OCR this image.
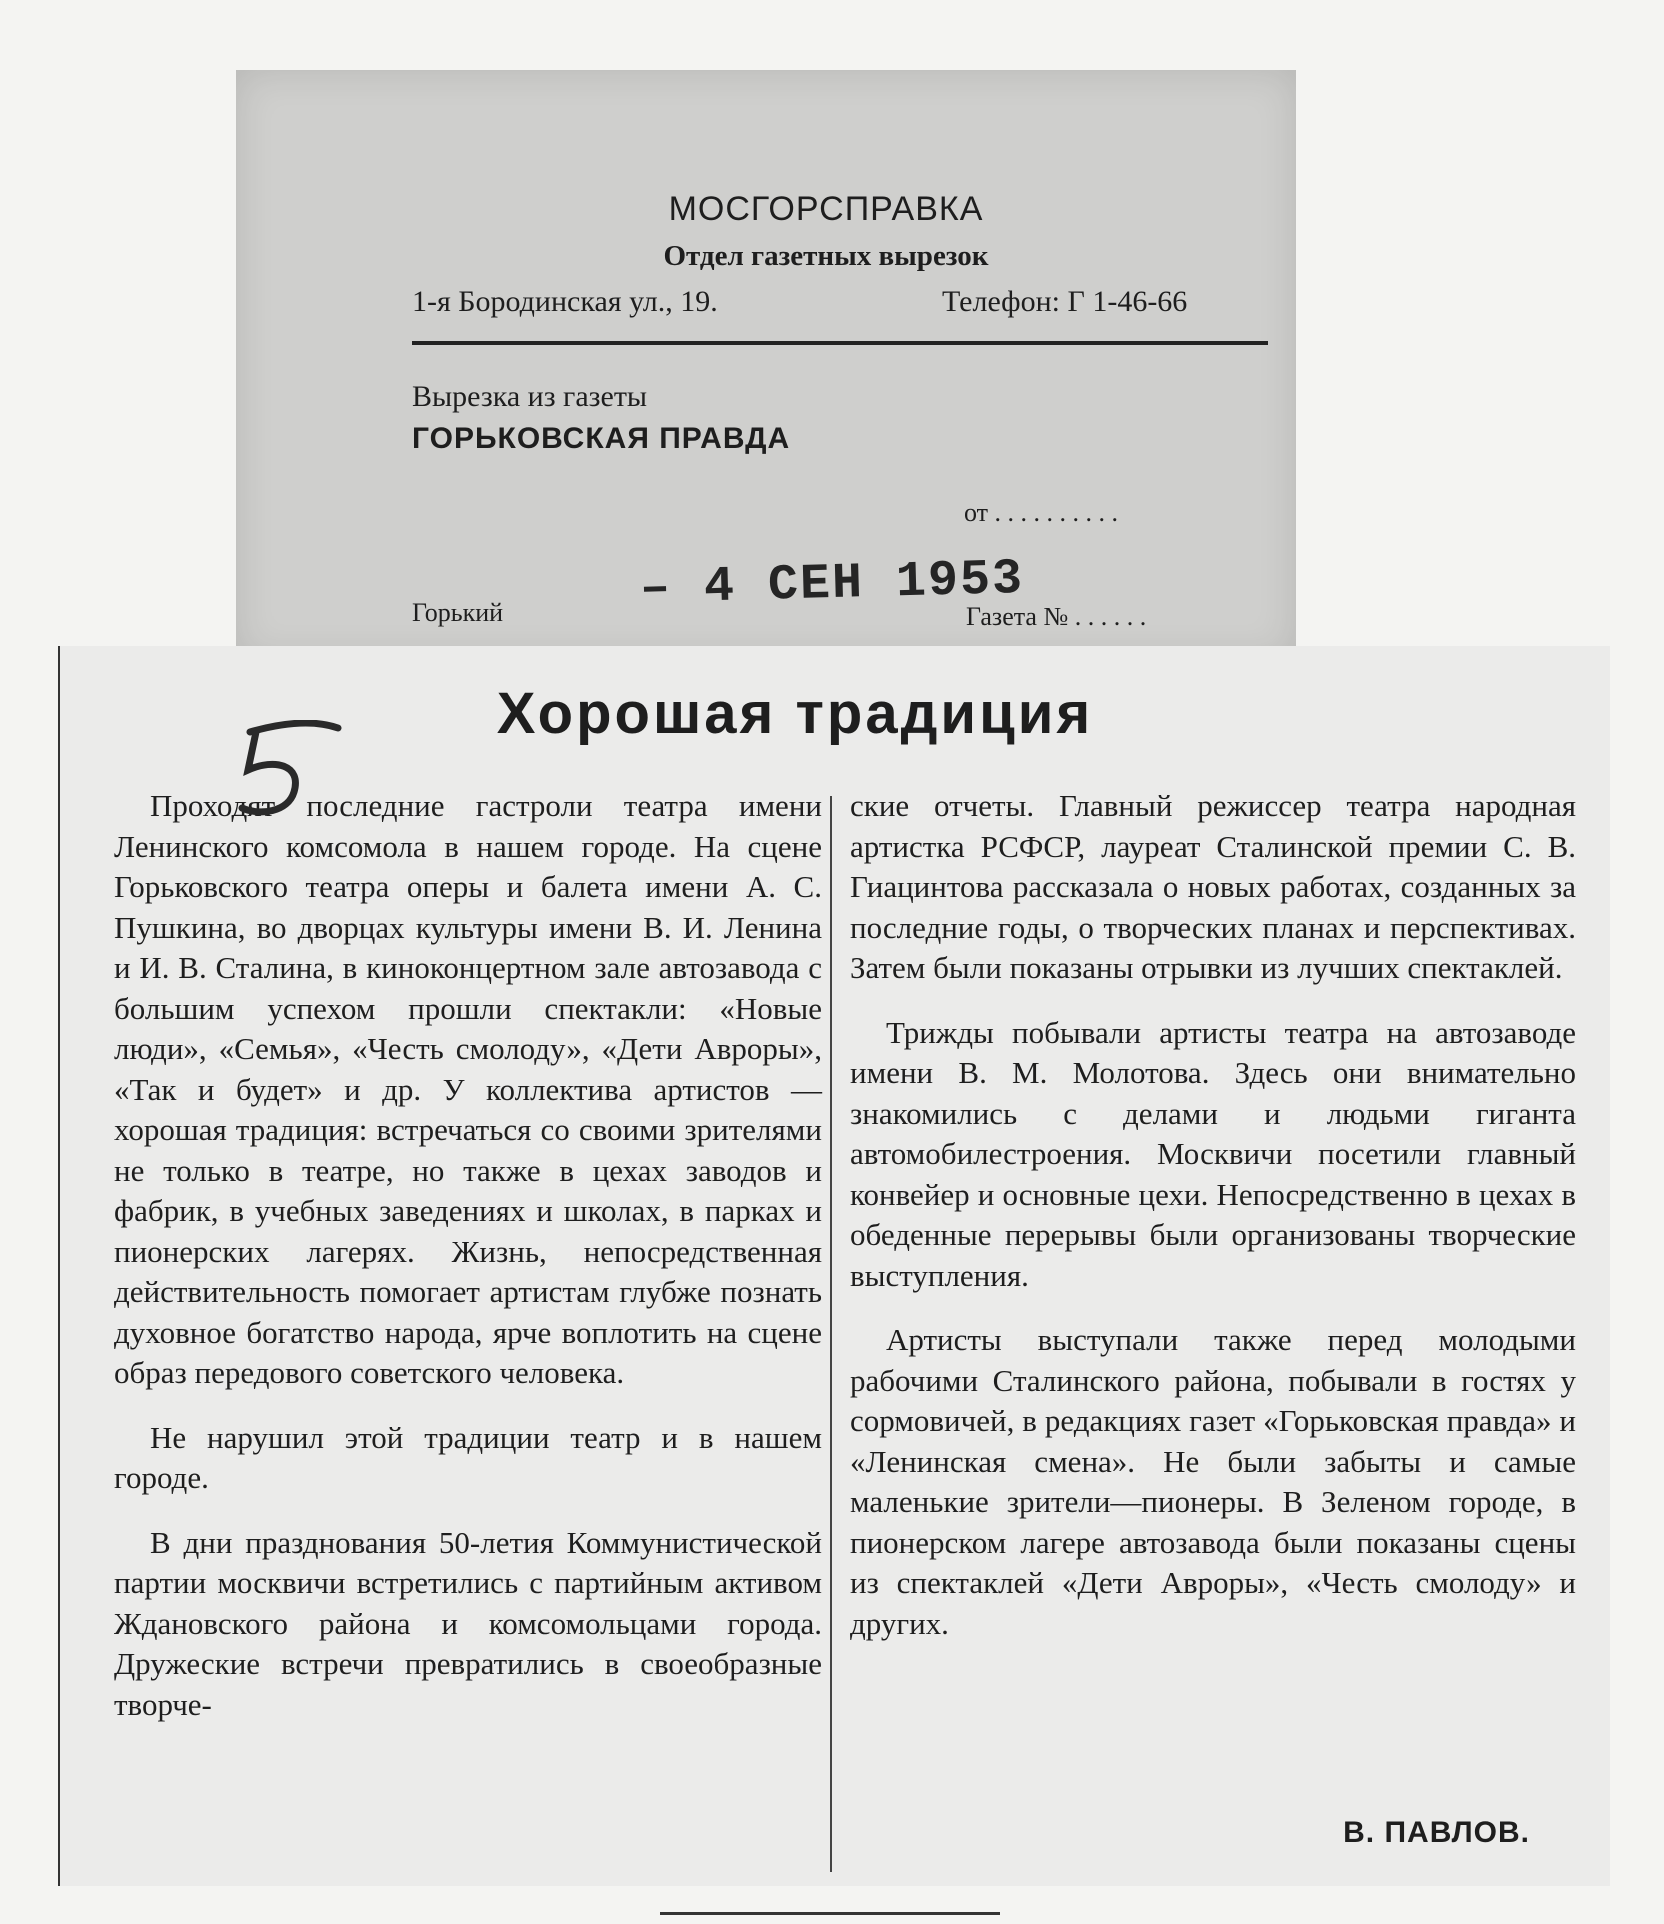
МОСГОРСПРАВКА
Отдел газетных вырезок
1-я Бородинская ул., 19.	Телефон: Г 1-46-66
Вырезка из газеты
ГОРЬКОВСКАЯ ПРАВДА
от . . . . . . . . . .
Горький	– 4 СЕН 1953
Газета № . . . . . .
Хорошая традиция

Проходят последние гастроли театра имени Ленинского комсомола в нашем городе. На сцене Горьковского театра оперы и балета имени А. С. Пушкина, во дворцах культуры имени В. И. Ленина и И. В. Сталина, в киноконцертном зале автозавода с большим успехом прошли спектакли: «Новые люди», «Семья», «Честь смолоду», «Дети Авроры», «Так и будет» и др. У коллектива артистов — хорошая традиция: встречаться со своими зрителями не только в театре, но также в цехах заводов и фабрик, в учебных заведениях и школах, в парках и пионерских лагерях. Жизнь, непосредственная действительность помогает артистам глубже познать духовное богатство народа, ярче воплотить на сцене образ передового советского человека.

Не нарушил этой традиции театр и в нашем городе.

В дни празднования 50-летия Коммунистической партии москвичи встретились с партийным активом Ждановского района и комсомольцами города. Дружеские встречи превратились в своеобразные творче-

ские отчеты. Главный режиссер театра народная артистка РСФСР, лауреат Сталинской премии С. В. Гиацинтова рассказала о новых работах, созданных за последние годы, о творческих планах и перспективах. Затем были показаны отрывки из лучших спектаклей.

Трижды побывали артисты театра на автозаводе имени В. М. Молотова. Здесь они внимательно знакомились с делами и людьми гиганта автомобилестроения. Москвичи посетили главный конвейер и основные цехи. Непосредственно в цехах в обеденные перерывы были организованы творческие выступления.

Артисты выступали также перед молодыми рабочими Сталинского района, побывали в гостях у сормовичей, в редакциях газет «Горьковская правда» и «Ленинская смена». Не были забыты и самые маленькие зрители—пионеры. В Зеленом городе, в пионерском лагере автозавода были показаны сцены из спектаклей «Дети Авроры», «Честь смолоду» и других.

В. ПАВЛОВ.
